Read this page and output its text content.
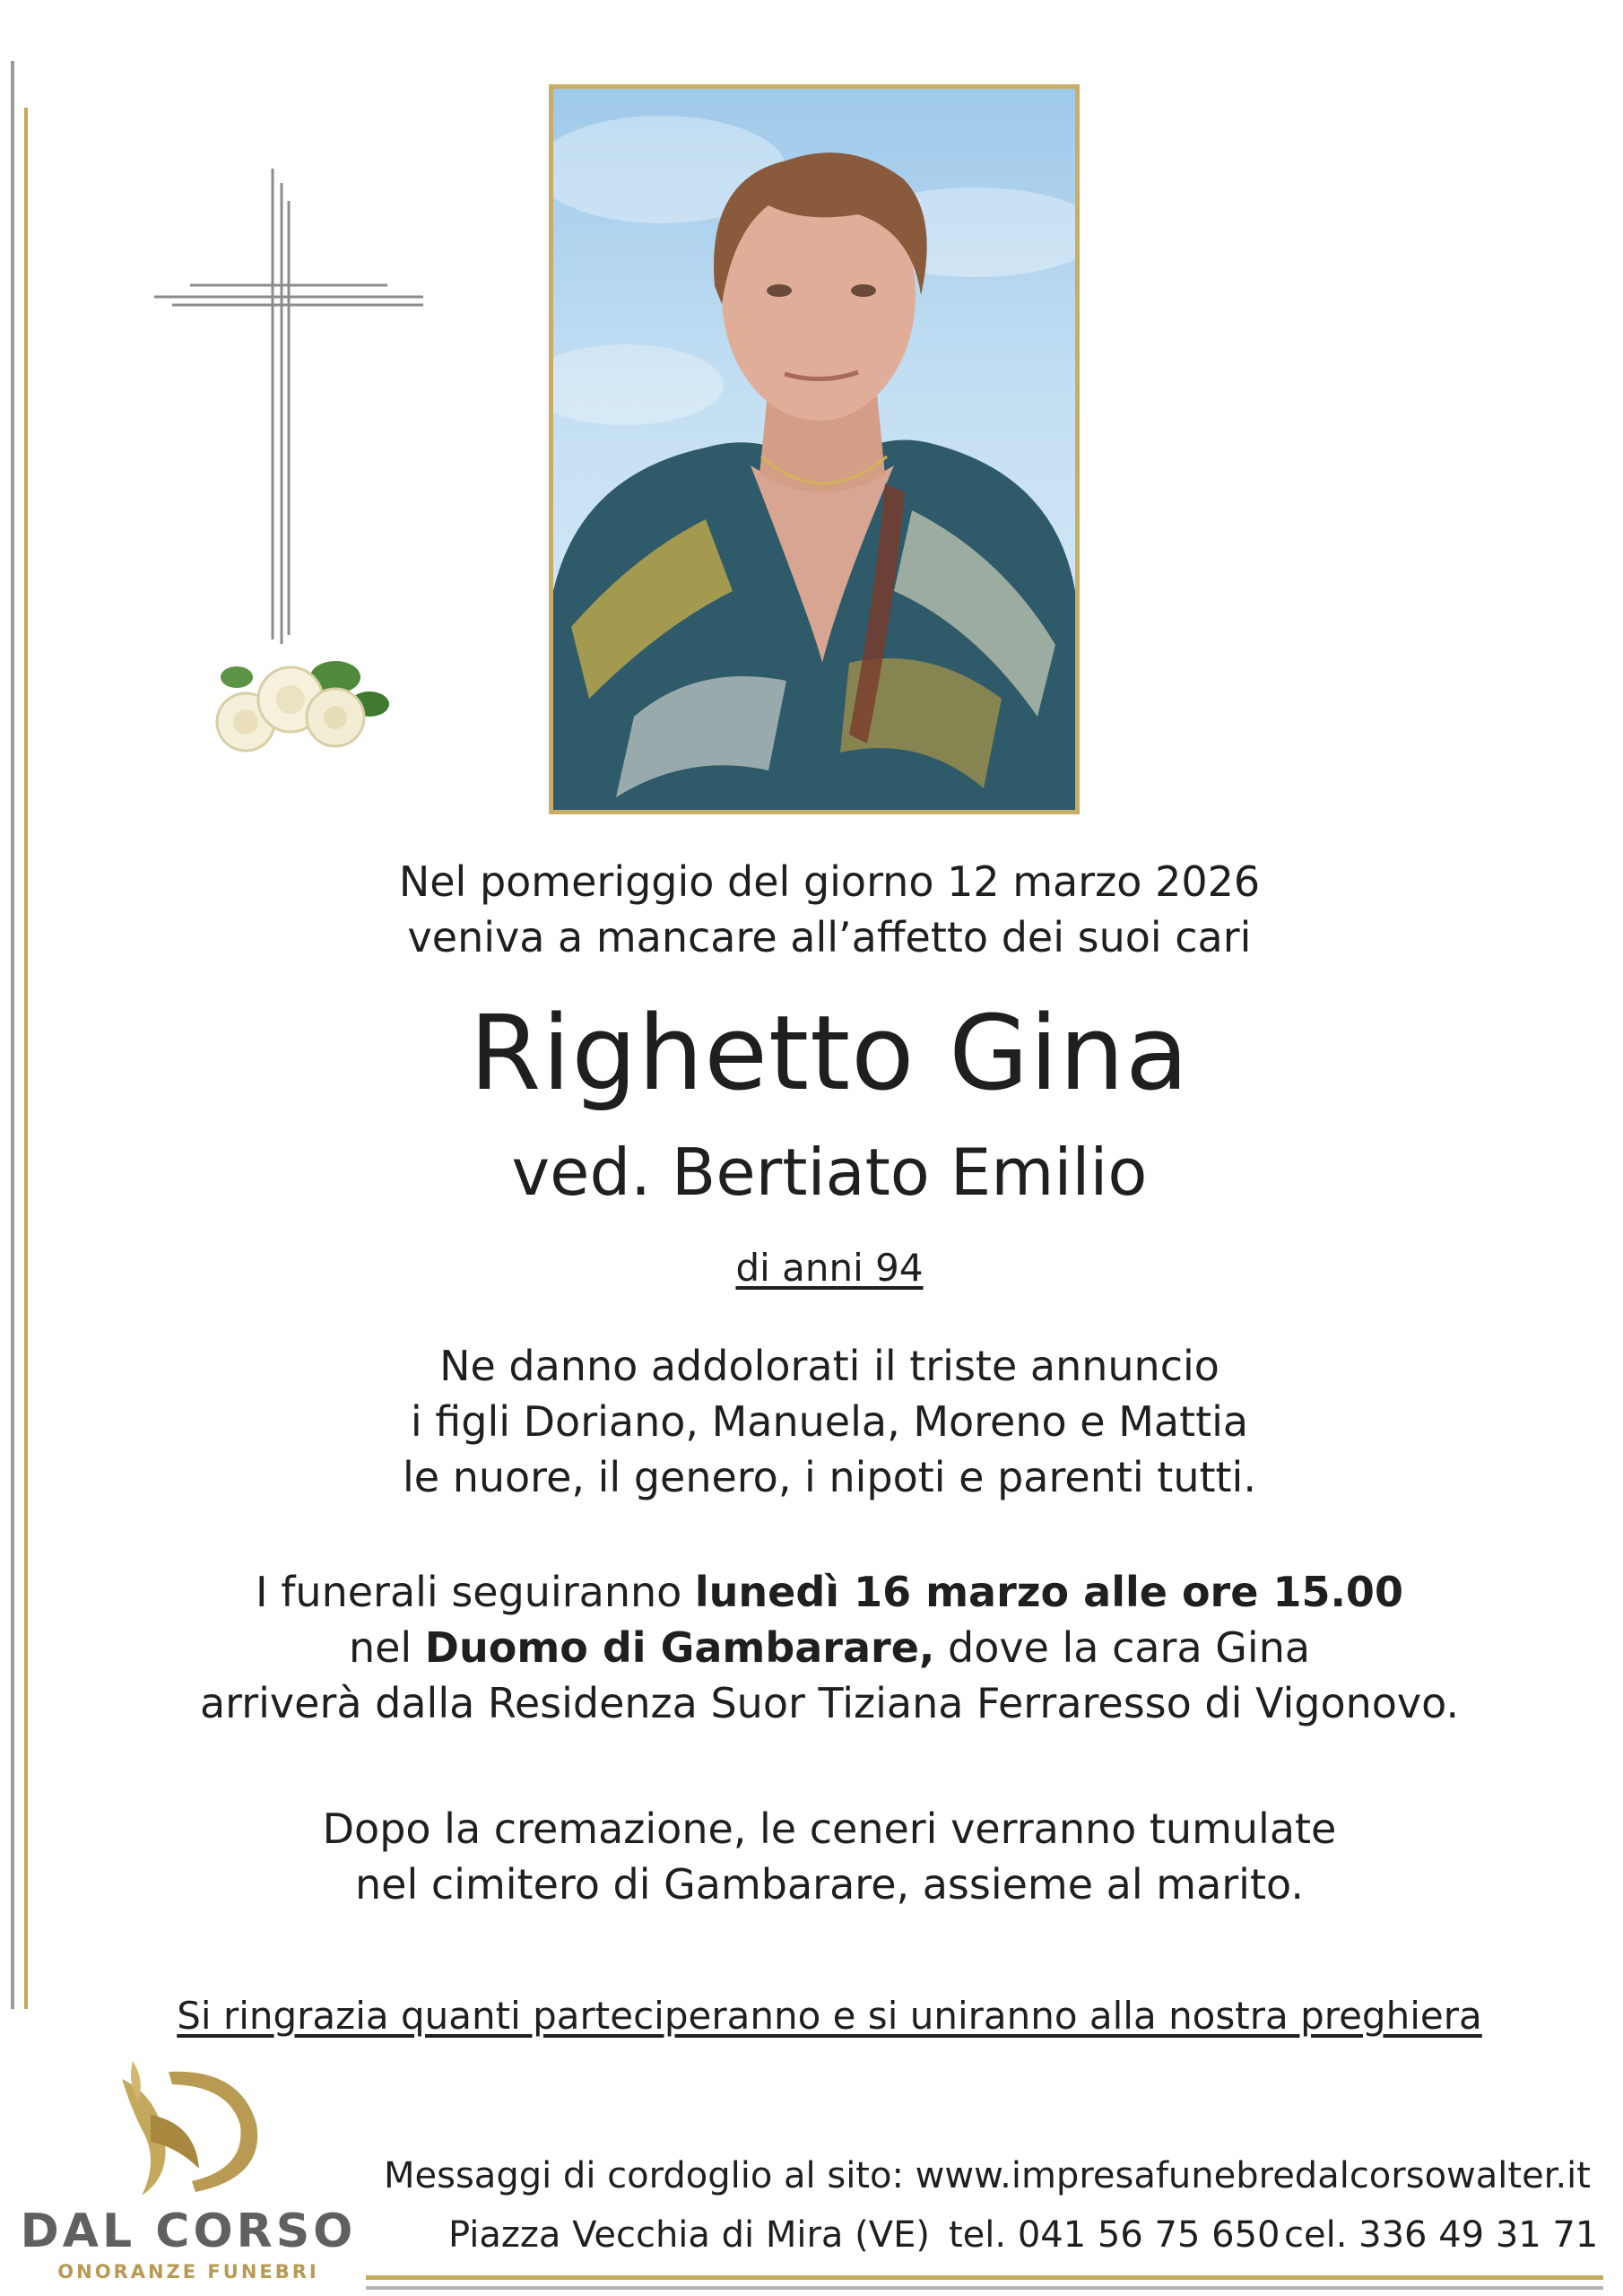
Nel pomeriggio del giorno 12 marzo 2026
veniva a mancare all’affetto dei suoi cari
Righetto Gina
ved. Bertiato Emilio
di anni 94
Ne danno addolorati il triste annuncio
i figli Doriano, Manuela, Moreno e Mattia
le nuore, il genero, i nipoti e parenti tutti.
I funerali seguiranno lunedì 16 marzo alle ore 15.00
nel Duomo di Gambarare, dove la cara Gina
arriverà dalla Residenza Suor Tiziana Ferraresso di Vigonovo.
Dopo la cremazione, le ceneri verranno tumulate
nel cimitero di Gambarare, assieme al marito.
Si ringrazia quanti parteciperanno e si uniranno alla nostra preghiera
DAL CORSO
ONORANZE FUNEBRI
Messaggi di cordoglio al sito: www.impresafunebredalcorsowalter.it
Piazza Vecchia di Mira (VE) tel. 041 56 75 650 cel. 336 49 31 71
